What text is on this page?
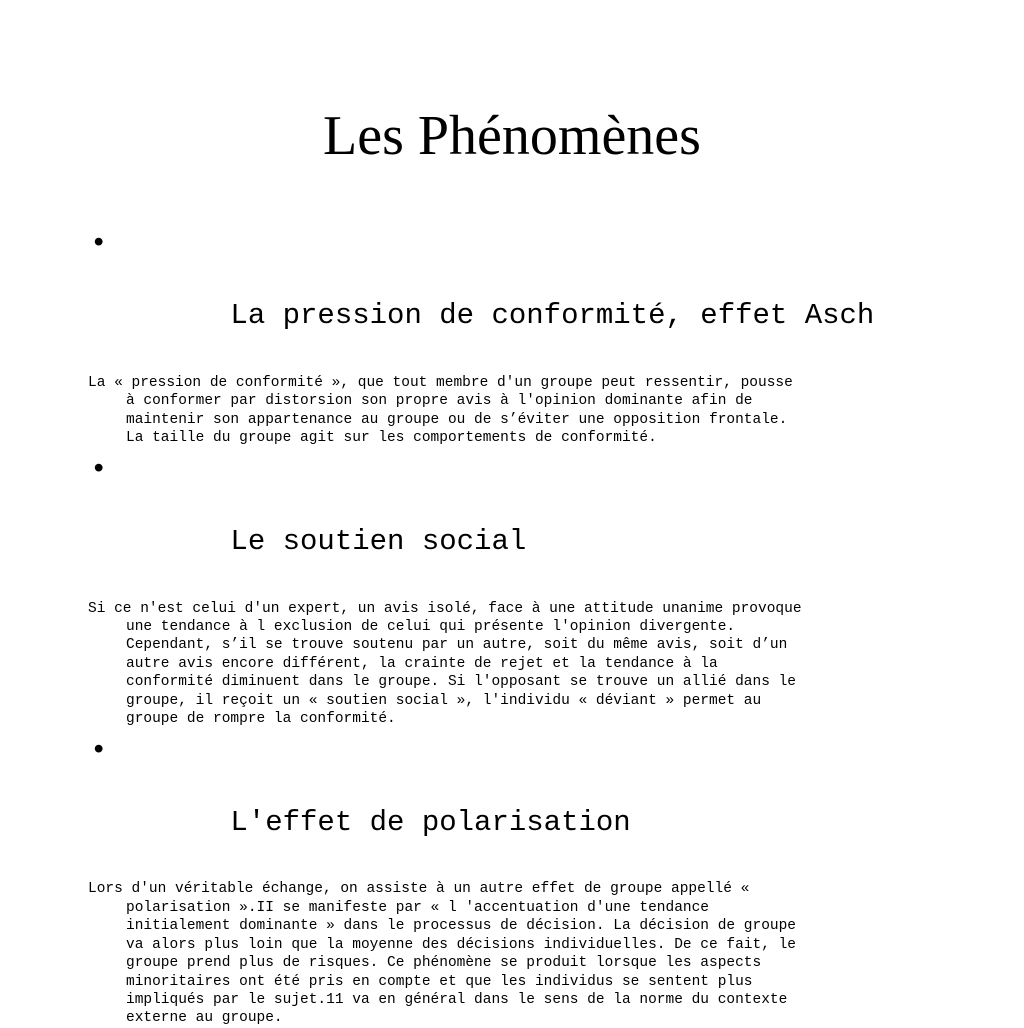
Les Phénomènes

•

La pression de conformité, effet Asch

La « pression de conformité », que tout membre d'un groupe peut ressentir, pousse
à conformer par distorsion son propre avis à l'opinion dominante afin de
maintenir son appartenance au groupe ou de s’éviter une opposition frontale.
La taille du groupe agit sur les comportements de conformité.

•

Le soutien social

Si ce n'est celui d'un expert, un avis isolé, face à une attitude unanime provoque
une tendance à l exclusion de celui qui présente l'opinion divergente.
Cependant, s’il se trouve soutenu par un autre, soit du même avis, soit d’un
autre avis encore différent, la crainte de rejet et la tendance à la
conformité diminuent dans le groupe. Si l'opposant se trouve un allié dans le
groupe, il reçoit un « soutien social », l'individu « déviant » permet au
groupe de rompre la conformité.

•

L'effet de polarisation

Lors d'un véritable échange, on assiste à un autre effet de groupe appellé «
polarisation ».II se manifeste par « l 'accentuation d'une tendance
initialement dominante » dans le processus de décision. La décision de groupe
va alors plus loin que la moyenne des décisions individuelles. De ce fait, le
groupe prend plus de risques. Ce phénomène se produit lorsque les aspects
minoritaires ont été pris en compte et que les individus se sentent plus
impliqués par le sujet.11 va en général dans le sens de la norme du contexte
externe au groupe.
